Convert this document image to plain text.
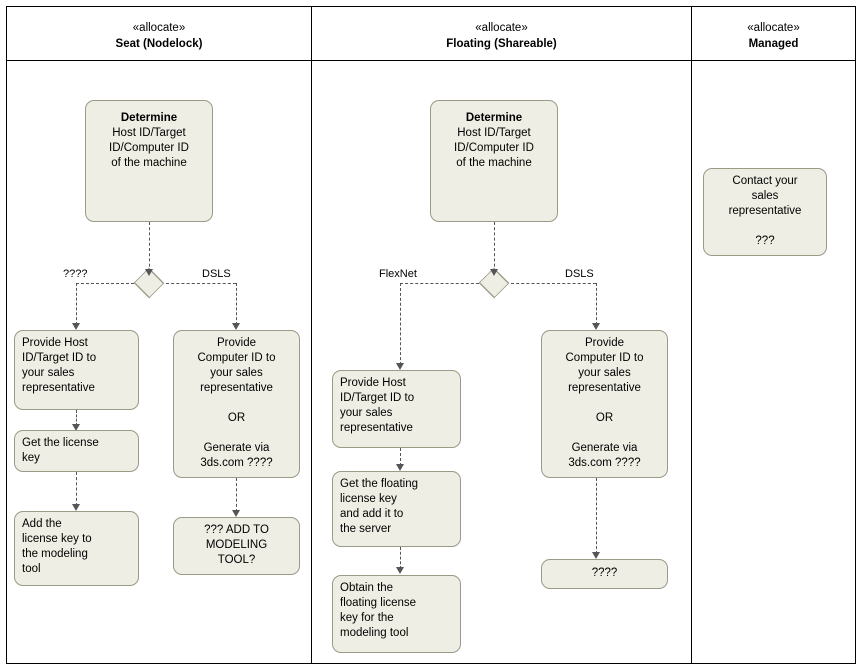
«allocate»
Seat (Nodelock)
«allocate»
Floating (Shareable)
«allocate»
Managed
Determine
Host ID/Target
ID/Computer ID
of the machine
????	DSLS
Provide Host
ID/Target ID to
your sales
representative
Get the license
key
Add the
license key to
the modeling
tool
Provide
Computer ID to
your sales
representative

OR

Generate via
3ds.com ????
??? ADD TO
MODELING
TOOL?
Determine
Host ID/Target
ID/Computer ID
of the machine
FlexNet	DSLS
Provide Host
ID/Target ID to
your sales
representative
Get the floating
license key
and add it to
the server
Obtain the
floating license
key for the
modeling tool
Provide
Computer ID to
your sales
representative

OR

Generate via
3ds.com ????
????
Contact your
sales
representative

???
